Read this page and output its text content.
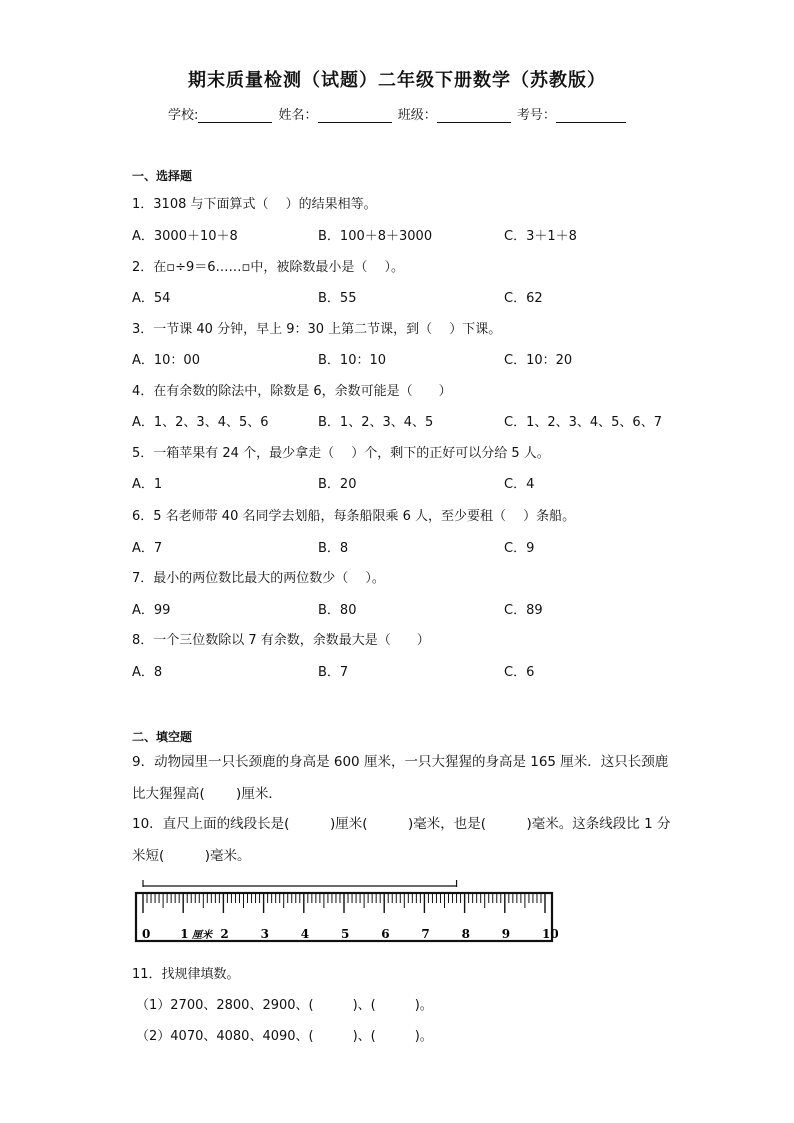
期末质量检测（试题）二年级下册数学（苏教版）
学校:	姓名：	班级：	考号：
一、选择题
1．3108 与下面算式（　 ）的结果相等。
A．3000＋10＋8	B．100＋8＋3000	C．3＋1＋8
2．在▫÷9＝6……▫中，被除数最小是（　 ）。
A．54	B．55	C．62
3．一节课 40 分钟，早上 9：30 上第二节课，到（　 ）下课。
A．10：00	B．10：10	C．10：20
4．在有余数的除法中，除数是 6，余数可能是（　　）
A．1、2、3、4、5、6	B．1、2、3、4、5	C．1、2、3、4、5、6、7
5．一箱苹果有 24 个，最少拿走（　 ）个，剩下的正好可以分给 5 人。
A．1	B．20	C．4
6．5 名老师带 40 名同学去划船，每条船限乘 6 人，至少要租（　 ）条船。
A．7	B．8	C．9
7．最小的两位数比最大的两位数少（　 ）。
A．99	B．80	C．89
8．一个三位数除以 7 有余数，余数最大是（　　）
A．8	B．7	C．6
二、填空题
9．动物园里一只长颈鹿的身高是 600 厘米，一只大猩猩的身高是 165 厘米．这只长颈鹿比大猩猩高(　　 )厘米．
10．直尺上面的线段长是(　　　)厘米(　　　)毫米，也是(　　　)毫米。这条线段比 1 分米短(　　　)毫米。
0 1	2	3	4	5	6	7	8	9	10
厘米
11．找规律填数。
（1）2700、2800、2900、(　　　)、(　　　)。
（2）4070、4080、4090、(　　　)、(　　　)。
